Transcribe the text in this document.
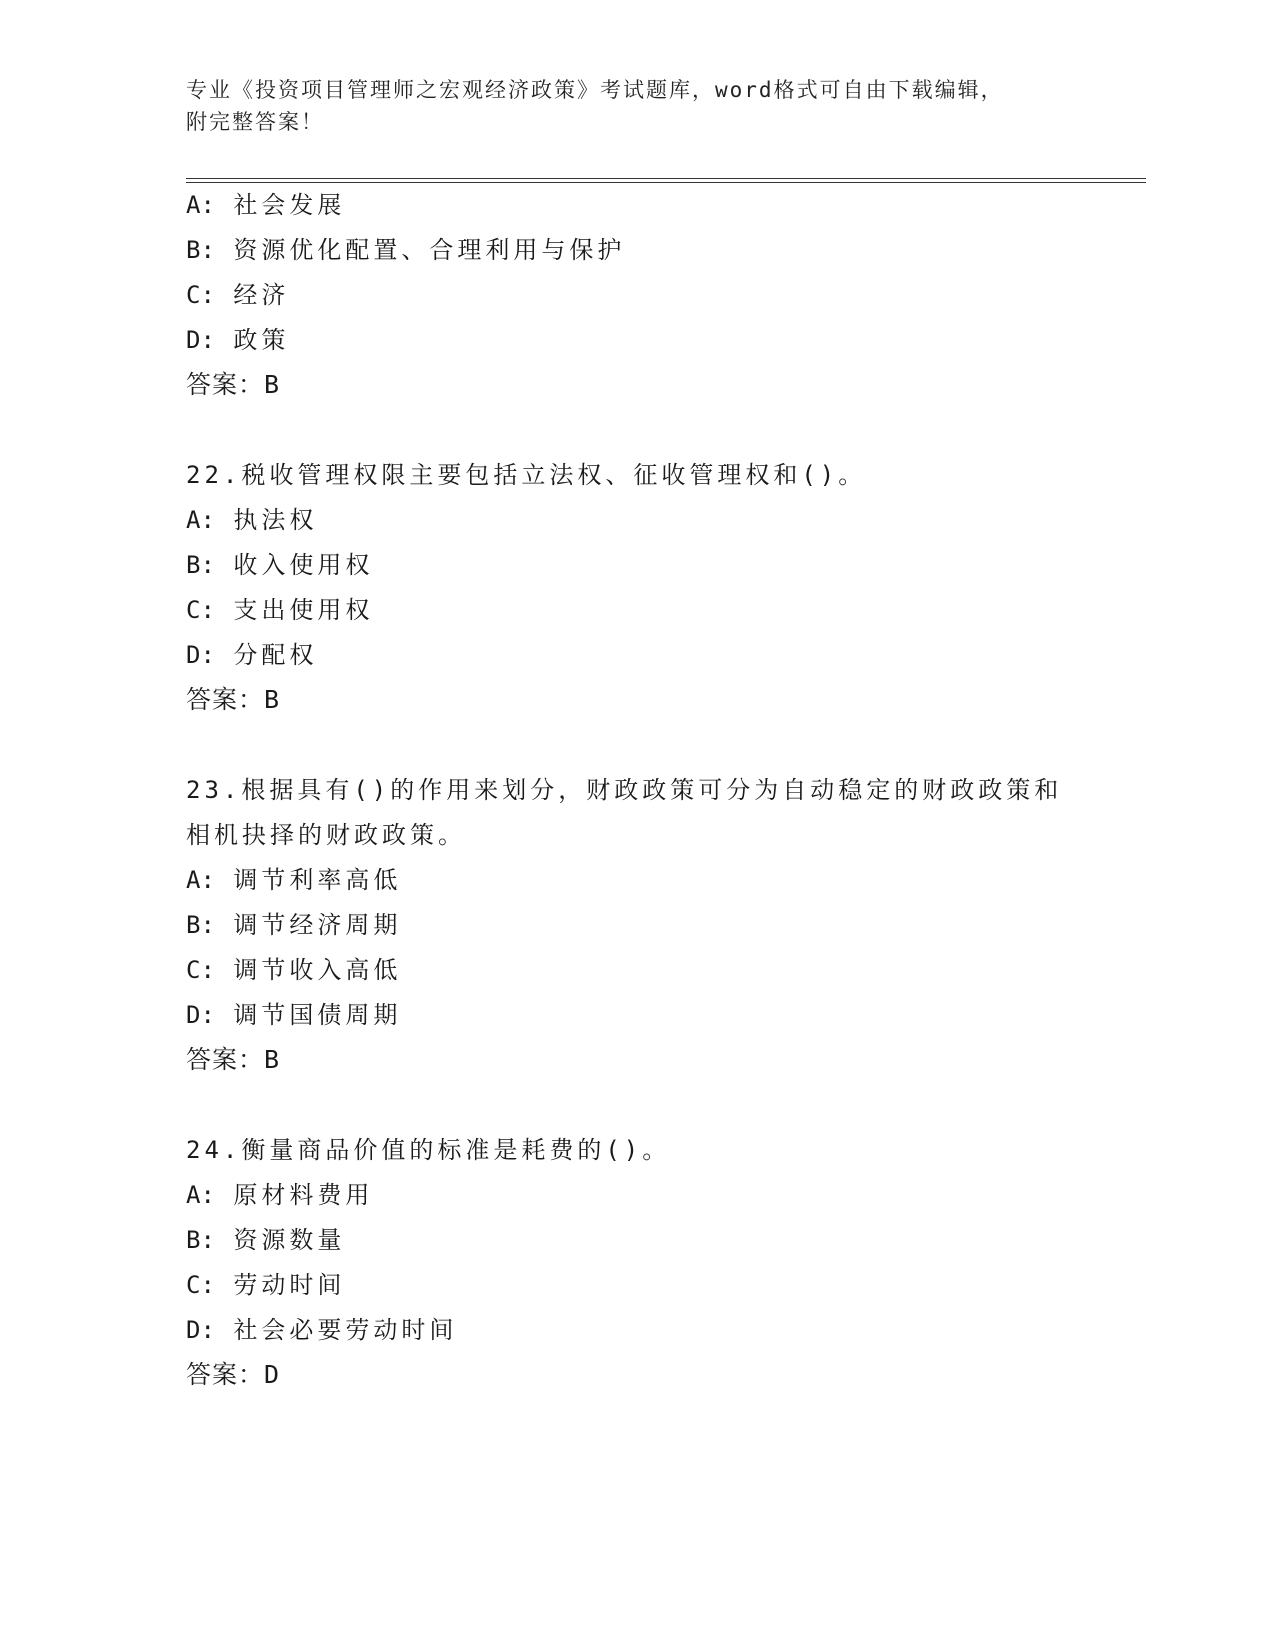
专业《投资项目管理师之宏观经济政策》考试题库，word格式可自由下载编辑，
附完整答案！
A: 社会发展
B: 资源优化配置、合理利用与保护
C: 经济
D: 政策
答案：B
22.税收管理权限主要包括立法权、征收管理权和()。
A: 执法权
B: 收入使用权
C: 支出使用权
D: 分配权
答案：B
23.根据具有()的作用来划分，财政政策可分为自动稳定的财政政策和
相机抉择的财政政策。
A: 调节利率高低
B: 调节经济周期
C: 调节收入高低
D: 调节国债周期
答案：B
24.衡量商品价值的标准是耗费的()。
A: 原材料费用
B: 资源数量
C: 劳动时间
D: 社会必要劳动时间
答案：D
